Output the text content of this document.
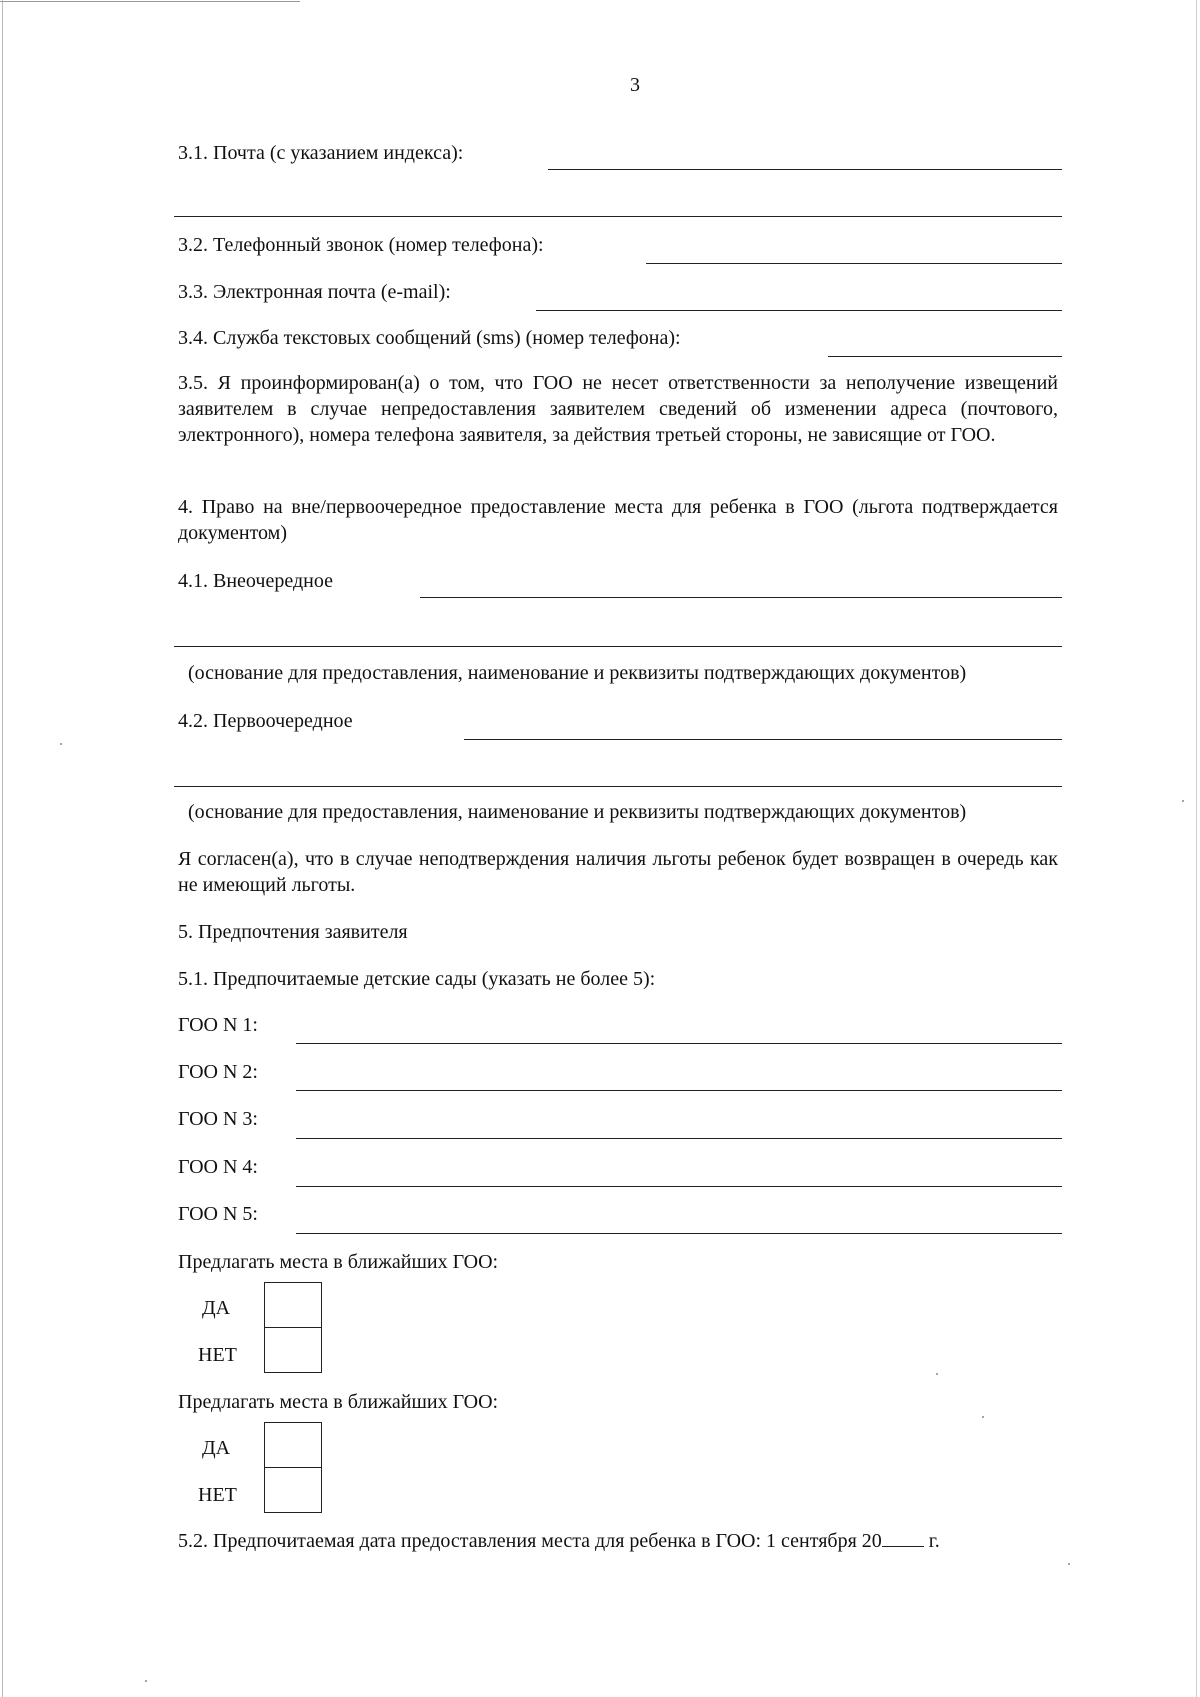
3
3.1. Почта (с указанием индекса):
3.2. Телефонный звонок (номер телефона):
3.3. Электронная почта (e-mail):
3.4. Служба текстовых сообщений (sms) (номер телефона):
3.5. Я проинформирован(а) о том, что ГОО не несет ответственности за неполучение извещений заявителем в случае непредоставления заявителем сведений об изменении адреса (почтового, электронного), номера телефона заявителя, за действия третьей стороны, не зависящие от ГОО.
4. Право на вне/первоочередное предоставление места для ребенка в ГОО (льгота подтверждается документом)
4.1. Внеочередное
(основание для предоставления, наименование и реквизиты подтверждающих документов)
4.2. Первоочередное
(основание для предоставления, наименование и реквизиты подтверждающих документов)
Я согласен(а), что в случае неподтверждения наличия льготы ребенок будет возвращен в очередь как не имеющий льготы.
5. Предпочтения заявителя
5.1. Предпочитаемые детские сады (указать не более 5):
ГОО N 1:
ГОО N 2:
ГОО N 3:
ГОО N 4:
ГОО N 5:
Предлагать места в ближайших ГОО:
ДА
НЕТ
Предлагать места в ближайших ГОО:
ДА
НЕТ
5.2. Предпочитаемая дата предоставления места для ребенка в ГОО: 1 сентября 20 г.
